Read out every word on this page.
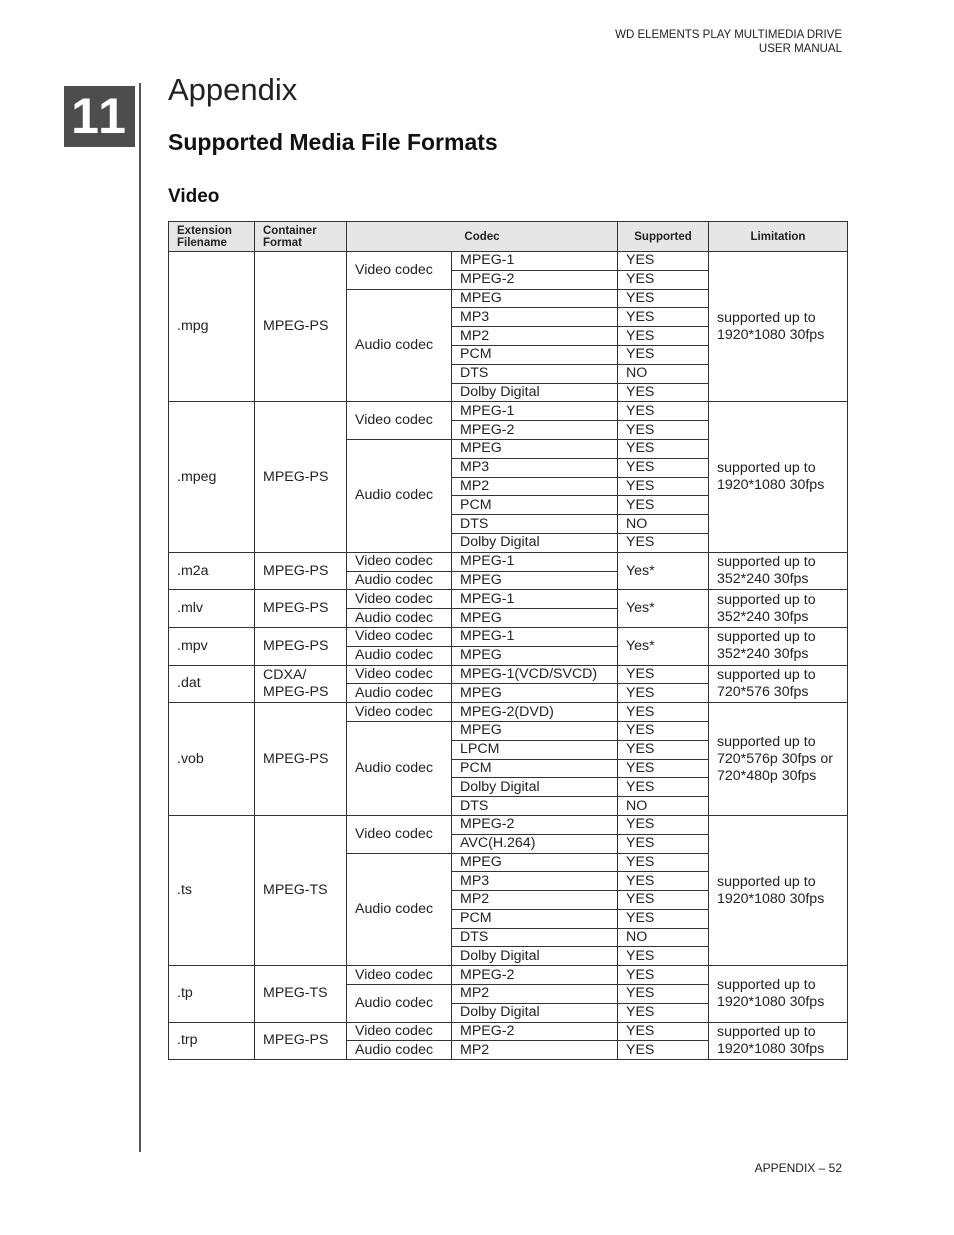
WD ELEMENTS PLAY MULTIMEDIA DRIVE
USER MANUAL
11 Appendix
Supported Media File Formats
Video
Extension Filename	Container Format	Codec		Supported	Limitation
.mpg	MPEG-PS	Video codec	MPEG-1	YES	supported up to 1920*1080 30fps
			MPEG-2	YES	
		Audio codec	MPEG	YES	
			MP3	YES	
			MP2	YES	
			PCM	YES	
			DTS	NO	
			Dolby Digital	YES	
.mpeg	MPEG-PS	Video codec	MPEG-1	YES	supported up to 1920*1080 30fps
			MPEG-2	YES	
		Audio codec	MPEG	YES	
			MP3	YES	
			MP2	YES	
			PCM	YES	
			DTS	NO	
			Dolby Digital	YES	
.m2a	MPEG-PS	Video codec	MPEG-1	Yes*	supported up to 352*240 30fps
		Audio codec	MPEG		
.mlv	MPEG-PS	Video codec	MPEG-1	Yes*	supported up to 352*240 30fps
		Audio codec	MPEG		
.mpv	MPEG-PS	Video codec	MPEG-1	Yes*	supported up to 352*240 30fps
		Audio codec	MPEG		
.dat	CDXA/ MPEG-PS	Video codec	MPEG-1(VCD/SVCD)	YES	supported up to 720*576 30fps
		Audio codec	MPEG	YES	
.vob	MPEG-PS	Video codec	MPEG-2(DVD)	YES	supported up to 720*576p 30fps or 720*480p 30fps
		Audio codec	MPEG	YES	
			LPCM	YES	
			PCM	YES	
			Dolby Digital	YES	
			DTS	NO	
.ts	MPEG-TS	Video codec	MPEG-2	YES	supported up to 1920*1080 30fps
			AVC(H.264)	YES	
		Audio codec	MPEG	YES	
			MP3	YES	
			MP2	YES	
			PCM	YES	
			DTS	NO	
			Dolby Digital	YES	
.tp	MPEG-TS	Video codec	MPEG-2	YES	supported up to 1920*1080 30fps
		Audio codec	MP2	YES	
			Dolby Digital	YES	
.trp	MPEG-PS	Video codec	MPEG-2	YES	supported up to 1920*1080 30fps
		Audio codec	MP2	YES	
APPENDIX – 52
